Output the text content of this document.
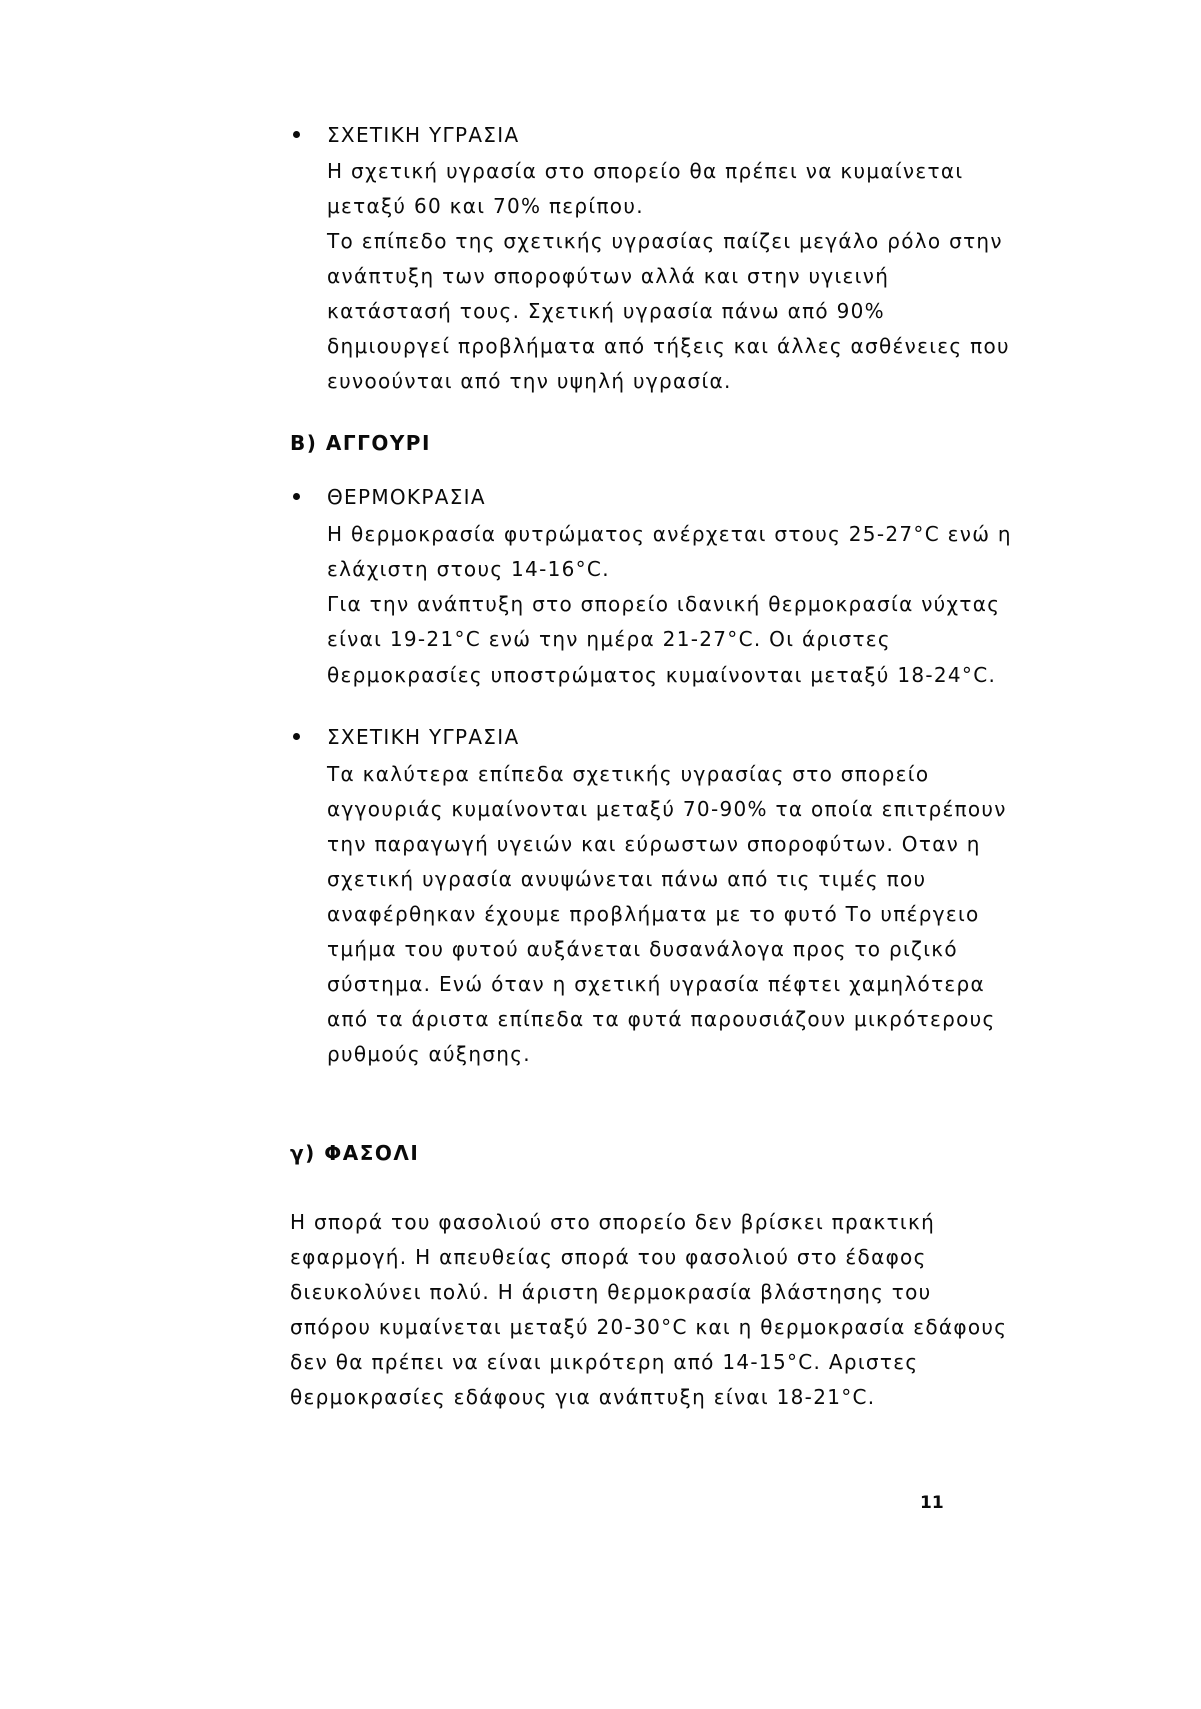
ΣΧΕΤΙΚΗ ΥΓΡΑΣΙΑ
Η σχετική υγρασία στο σπορείο θα πρέπει να κυμαίνεται
μεταξύ 60 και 70% περίπου.
Το επίπεδο της σχετικής υγρασίας παίζει μεγάλο ρόλο στην
ανάπτυξη των σποροφύτων αλλά και στην υγιεινή
κατάστασή τους. Σχετική υγρασία πάνω από 90%
δημιουργεί προβλήματα από τήξεις και άλλες ασθένειες που
ευνοούνται από την υψηλή υγρασία.
Β) ΑΓΓΟΥΡΙ
ΘΕΡΜΟΚΡΑΣΙΑ
Η θερμοκρασία φυτρώματος ανέρχεται στους 25-27°C ενώ η
ελάχιστη στους 14-16°C.
Για την ανάπτυξη στο σπορείο ιδανική θερμοκρασία νύχτας
είναι 19-21°C ενώ την ημέρα 21-27°C. Οι άριστες
θερμοκρασίες υποστρώματος κυμαίνονται μεταξύ 18-24°C.
ΣΧΕΤΙΚΗ ΥΓΡΑΣΙΑ
Τα καλύτερα επίπεδα σχετικής υγρασίας στο σπορείο
αγγουριάς κυμαίνονται μεταξύ 70-90% τα οποία επιτρέπουν
την παραγωγή υγειών και εύρωστων σποροφύτων. Οταν η
σχετική υγρασία ανυψώνεται πάνω από τις τιμές που
αναφέρθηκαν έχουμε προβλήματα με το φυτό Το υπέργειο
τμήμα του φυτού αυξάνεται δυσανάλογα προς το ριζικό
σύστημα. Ενώ όταν η σχετική υγρασία πέφτει χαμηλότερα
από τα άριστα επίπεδα τα φυτά παρουσιάζουν μικρότερους
ρυθμούς αύξησης.
γ) ΦΑΣΟΛΙ
Η σπορά του φασολιού στο σπορείο δεν βρίσκει πρακτική
εφαρμογή. Η απευθείας σπορά του φασολιού στο έδαφος
διευκολύνει πολύ. Η άριστη θερμοκρασία βλάστησης του
σπόρου κυμαίνεται μεταξύ 20-30°C και η θερμοκρασία εδάφους
δεν θα πρέπει να είναι μικρότερη από 14-15°C. Αριστες
θερμοκρασίες εδάφους για ανάπτυξη είναι 18-21°C.
11
